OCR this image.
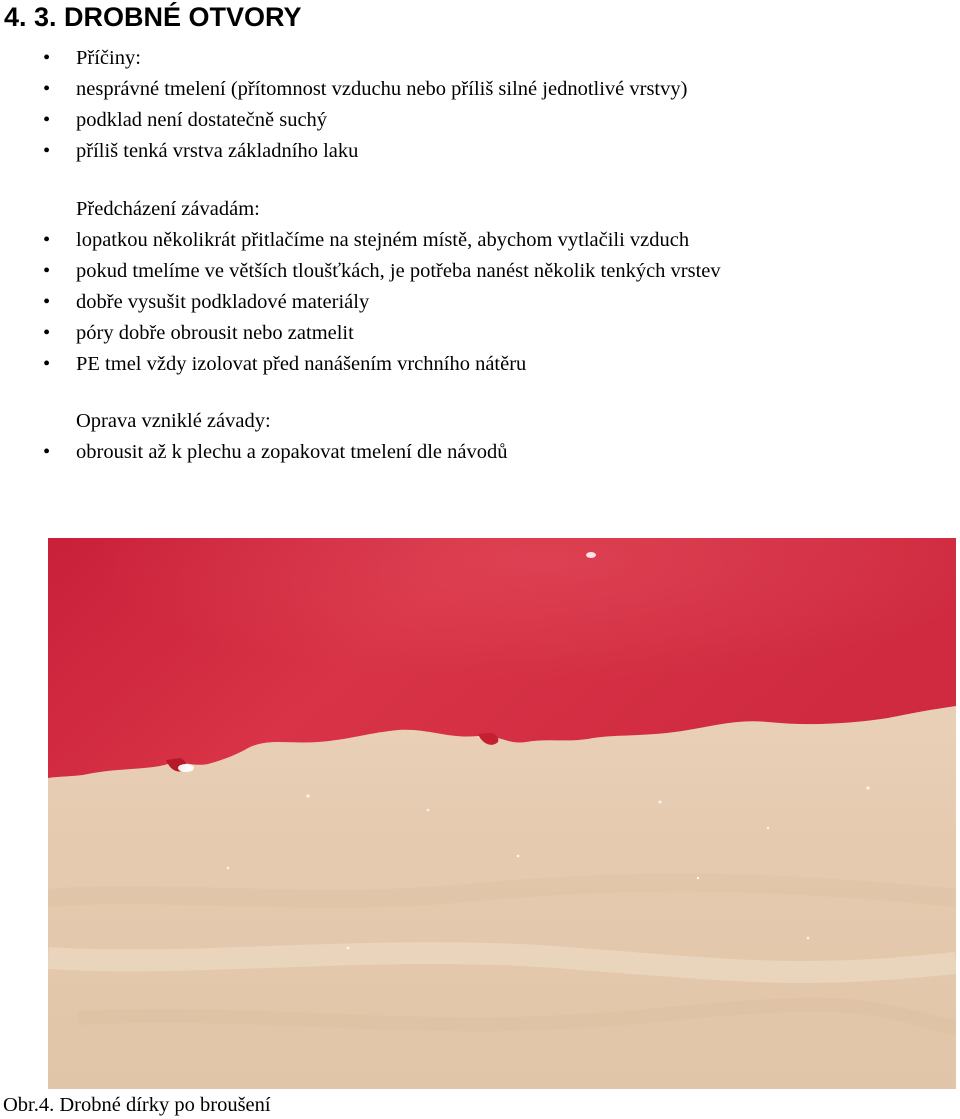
4. 3. DROBNÉ OTVORY
• Příčiny:
• nesprávné tmelení (přítomnost vzduchu nebo příliš silné jednotlivé vrstvy)
• podklad není dostatečně suchý
• příliš tenká vrstva základního laku
Předcházení závadám:
• lopatkou několikrát přitlačíme na stejném místě, abychom vytlačili vzduch
• pokud tmelíme ve větších tloušťkách, je potřeba nanést několik tenkých vrstev
• dobře vysušit podkladové materiály
• póry dobře obrousit nebo zatmelit
• PE tmel vždy izolovat před nanášením vrchního nátěru
Oprava vzniklé závady:
• obrousit až k plechu a zopakovat tmelení dle návodů
Obr.4. Drobné dírky po broušení
